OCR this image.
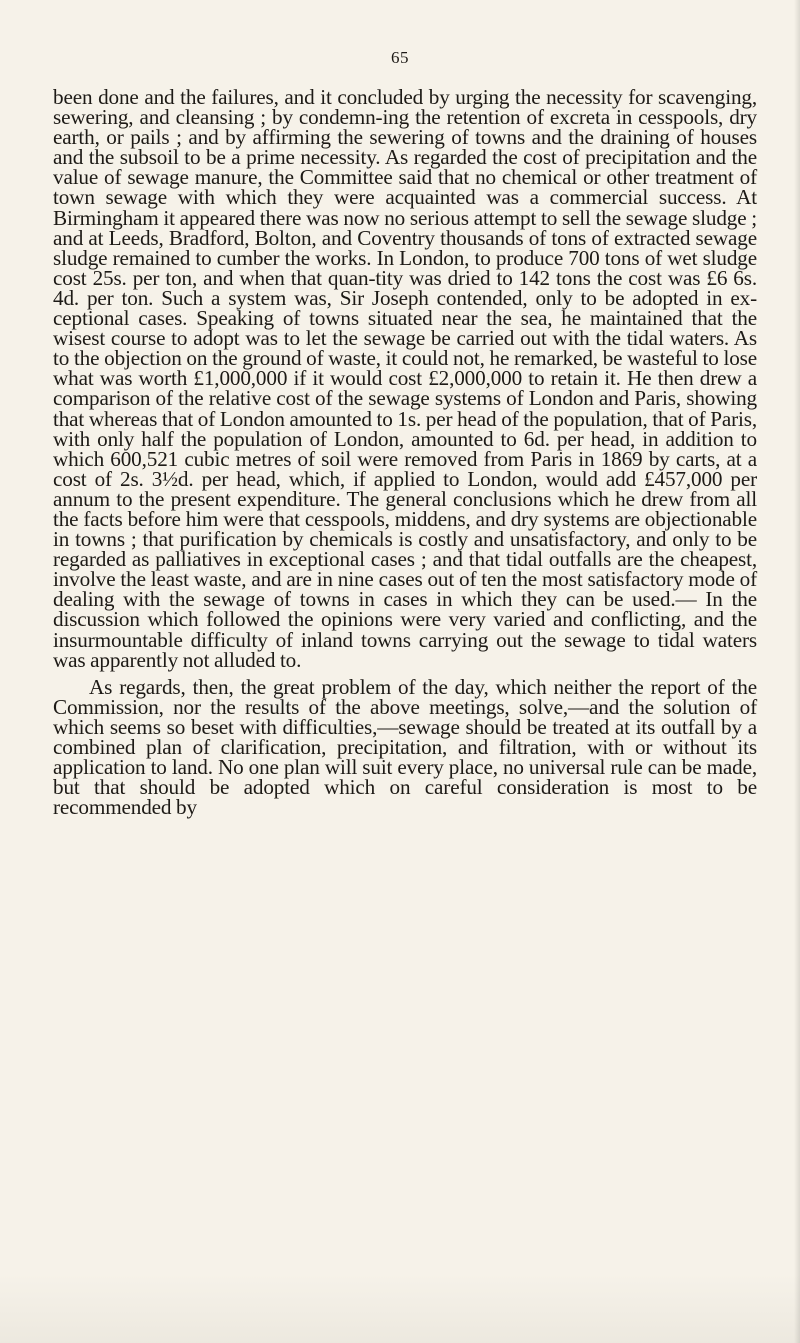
65

been done and the failures, and it concluded by urging the necessity for scavenging, sewering, and cleansing ; by condemn-ing the retention of excreta in cesspools, dry earth, or pails ; and by affirming the sewering of towns and the draining of houses and the subsoil to be a prime necessity. As regarded the cost of precipitation and the value of sewage manure, the Committee said that no chemical or other treatment of town sewage with which they were acquainted was a commercial success. At Birmingham it appeared there was now no serious attempt to sell the sewage sludge ; and at Leeds, Bradford, Bolton, and Coventry thousands of tons of extracted sewage sludge remained to cumber the works. In London, to produce 700 tons of wet sludge cost 25s. per ton, and when that quan-tity was dried to 142 tons the cost was £6 6s. 4d. per ton. Such a system was, Sir Joseph contended, only to be adopted in ex-ceptional cases. Speaking of towns situated near the sea, he maintained that the wisest course to adopt was to let the sewage be carried out with the tidal waters. As to the objection on the ground of waste, it could not, he remarked, be wasteful to lose what was worth £1,000,000 if it would cost £2,000,000 to retain it. He then drew a comparison of the relative cost of the sewage systems of London and Paris, showing that whereas that of London amounted to 1s. per head of the population, that of Paris, with only half the population of London, amounted to 6d. per head, in addition to which 600,521 cubic metres of soil were removed from Paris in 1869 by carts, at a cost of 2s. 3½d. per head, which, if applied to London, would add £457,000 per annum to the present expenditure. The general conclusions which he drew from all the facts before him were that cesspools, middens, and dry systems are objectionable in towns ; that purification by chemicals is costly and unsatisfactory, and only to be regarded as palliatives in exceptional cases ; and that tidal outfalls are the cheapest, involve the least waste, and are in nine cases out of ten the most satisfactory mode of dealing with the sewage of towns in cases in which they can be used.— In the discussion which followed the opinions were very varied and conflicting, and the insurmountable difficulty of inland towns carrying out the sewage to tidal waters was apparently not alluded to.

As regards, then, the great problem of the day, which neither the report of the Commission, nor the results of the above meetings, solve,—and the solution of which seems so beset with difficulties,—sewage should be treated at its outfall by a combined plan of clarification, precipitation, and filtration, with or without its application to land. No one plan will suit every place, no universal rule can be made, but that should be adopted which on careful consideration is most to be recommended by
